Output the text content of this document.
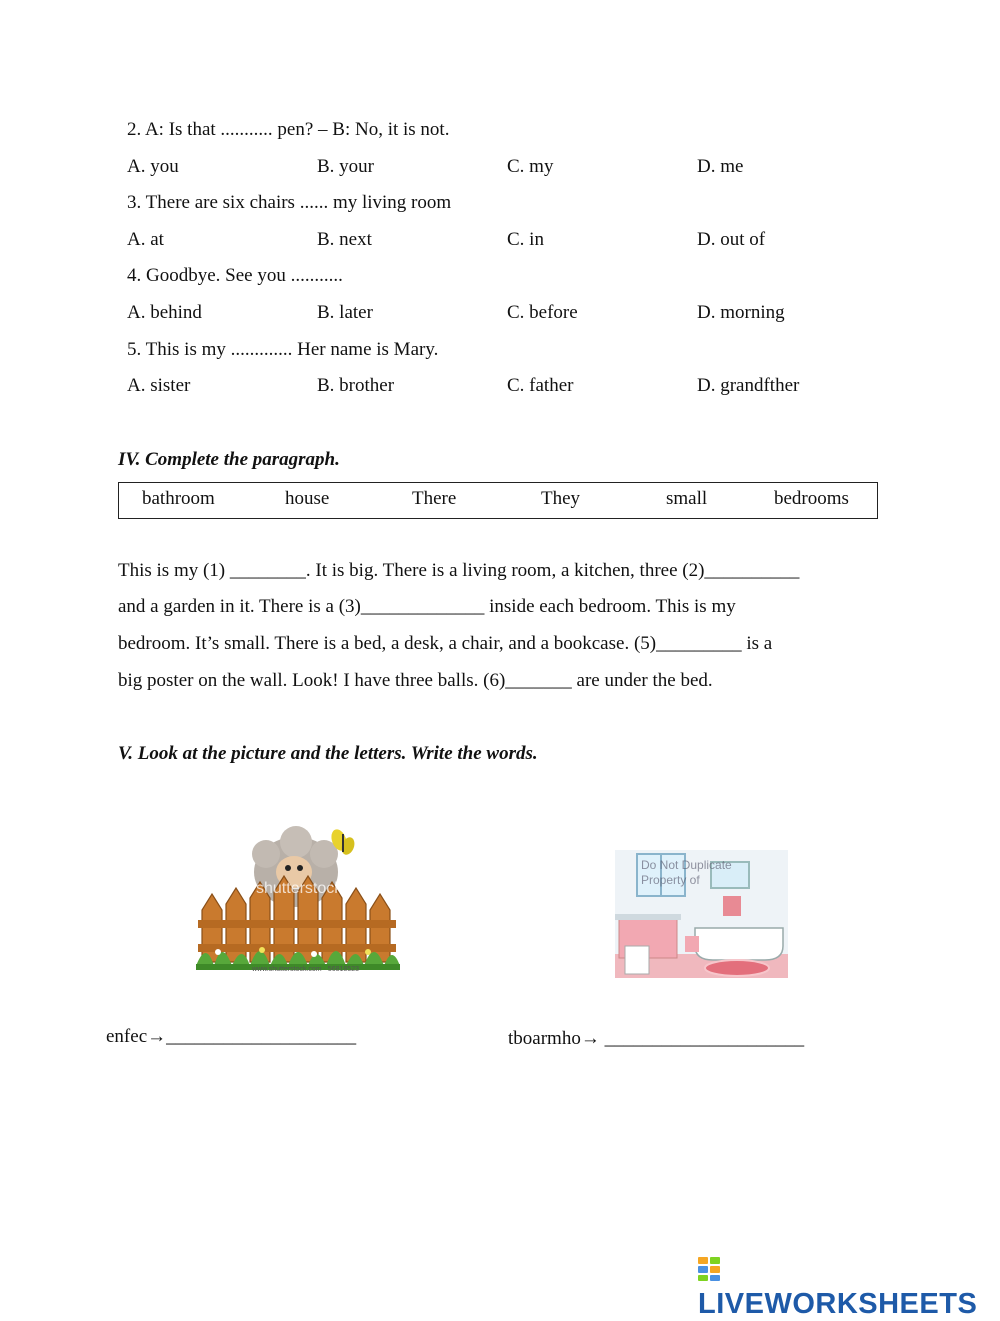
2. A: Is that ........... pen? – B: No, it is not.
A. you	B. your	C. my	D. me
3. There are six chairs ...... my living room
A. at	B. next	C. in	D. out of
4. Goodbye. See you ...........
A. behind	B. later	C. before	D. morning
5. This is my ............. Her name is Mary.
A. sister	B. brother	C. father	D. grandfther
IV. Complete the paragraph.
bathroom	house	There	They	small	bedrooms
This is my (1) ________. It is big. There is a living room, a kitchen, three (2)__________
and a garden in it. There is a (3)_____________ inside each bedroom. This is my
bedroom. It’s small. There is a bed, a desk, a chair, and a bookcase. (5)_________ is a
big poster on the wall. Look! I have three balls. (6)_______ are under the bed.
V. Look at the picture and the letters. Write the words.
shutterstock
www.shutterstock.com · 56818523
Do Not Duplicate Property of
enfec→____________________	tboarmho→ _____________________
LIVEWORKSHEETS
